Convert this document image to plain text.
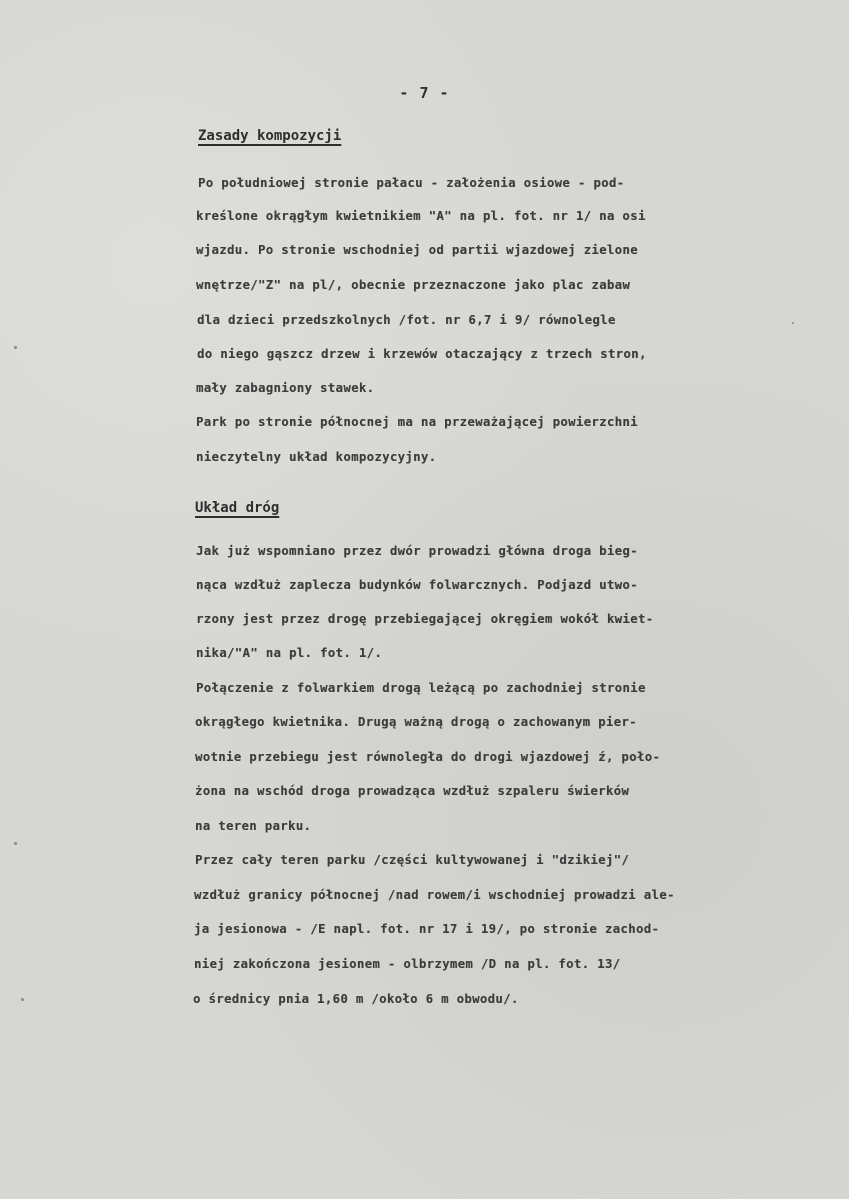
- 7 -
Zasady kompozycji
Po południowej stronie pałacu - założenia osiowe - pod-
kreślone okrągłym kwietnikiem "A" na pl. fot. nr 1/ na osi
wjazdu. Po stronie wschodniej od partii wjazdowej zielone
wnętrze/"Z" na pl/, obecnie przeznaczone jako plac zabaw
dla dzieci przedszkolnych /fot. nr 6,7 i 9/ równolegle
do niego gąszcz drzew i krzewów otaczający z trzech stron,
mały zabagniony stawek.
Park po stronie północnej ma na przeważającej powierzchni
nieczytelny układ kompozycyjny.
Układ dróg
Jak już wspomniano przez dwór prowadzi główna droga bieg-
nąca wzdłuż zaplecza budynków folwarcznych. Podjazd utwo-
rzony jest przez drogę przebiegającej okręgiem wokół kwiet-
nika/"A" na pl. fot. 1/.
Połączenie z folwarkiem drogą leżącą po zachodniej stronie
okrągłego kwietnika. Drugą ważną drogą o zachowanym pier-
wotnie przebiegu jest równoległa do drogi wjazdowej ź, poło-
żona na wschód droga prowadząca wzdłuż szpaleru świerków
na teren parku.
Przez cały teren parku /części kultywowanej i "dzikiej"/
wzdłuż granicy północnej /nad rowem/i wschodniej prowadzi ale-
ja jesionowa - /E napl. fot. nr 17 i 19/, po stronie zachod-
niej zakończona jesionem - olbrzymem /D na pl. fot. 13/
o średnicy pnia 1,60 m /około 6 m obwodu/.
